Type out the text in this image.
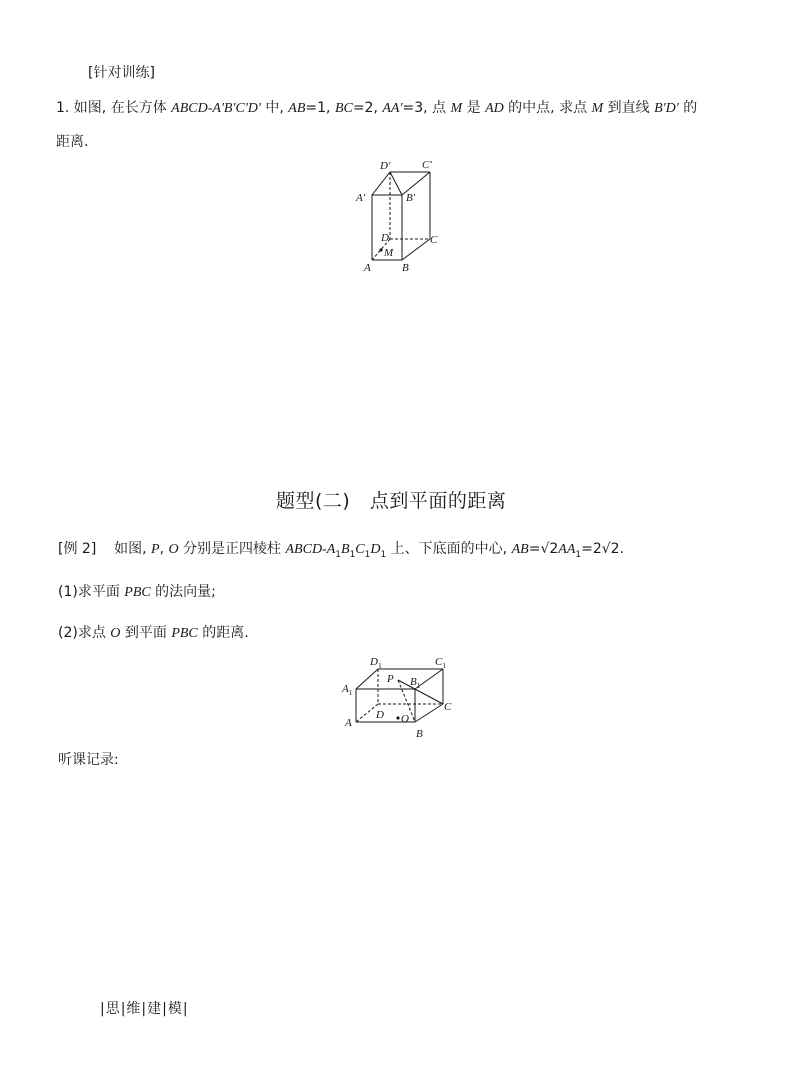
[针对训练]
1. 如图, 在长方体 ABCD-A'B'C'D' 中, AB=1, BC=2, AA'=3, 点 M 是 AD 的中点, 求点 M 到直线 B'D' 的
距离.
D'	C'
A'	B'
D	C
M
A	B
题型(二)　点到平面的距离
[例 2] 如图, P, O 分别是正四棱柱 ABCD-$A_1B_1C_1D_1$ 上、下底面的中心, $AB=√2AA_1=2√2$.
(1)求平面 PBC 的法向量;
(2)求点 O 到平面 PBC 的距离.
$D_1$	$C_1$
$A_1$
P $B_1$
A
D O
C
B
听课记录:
|思|维|建|模|
